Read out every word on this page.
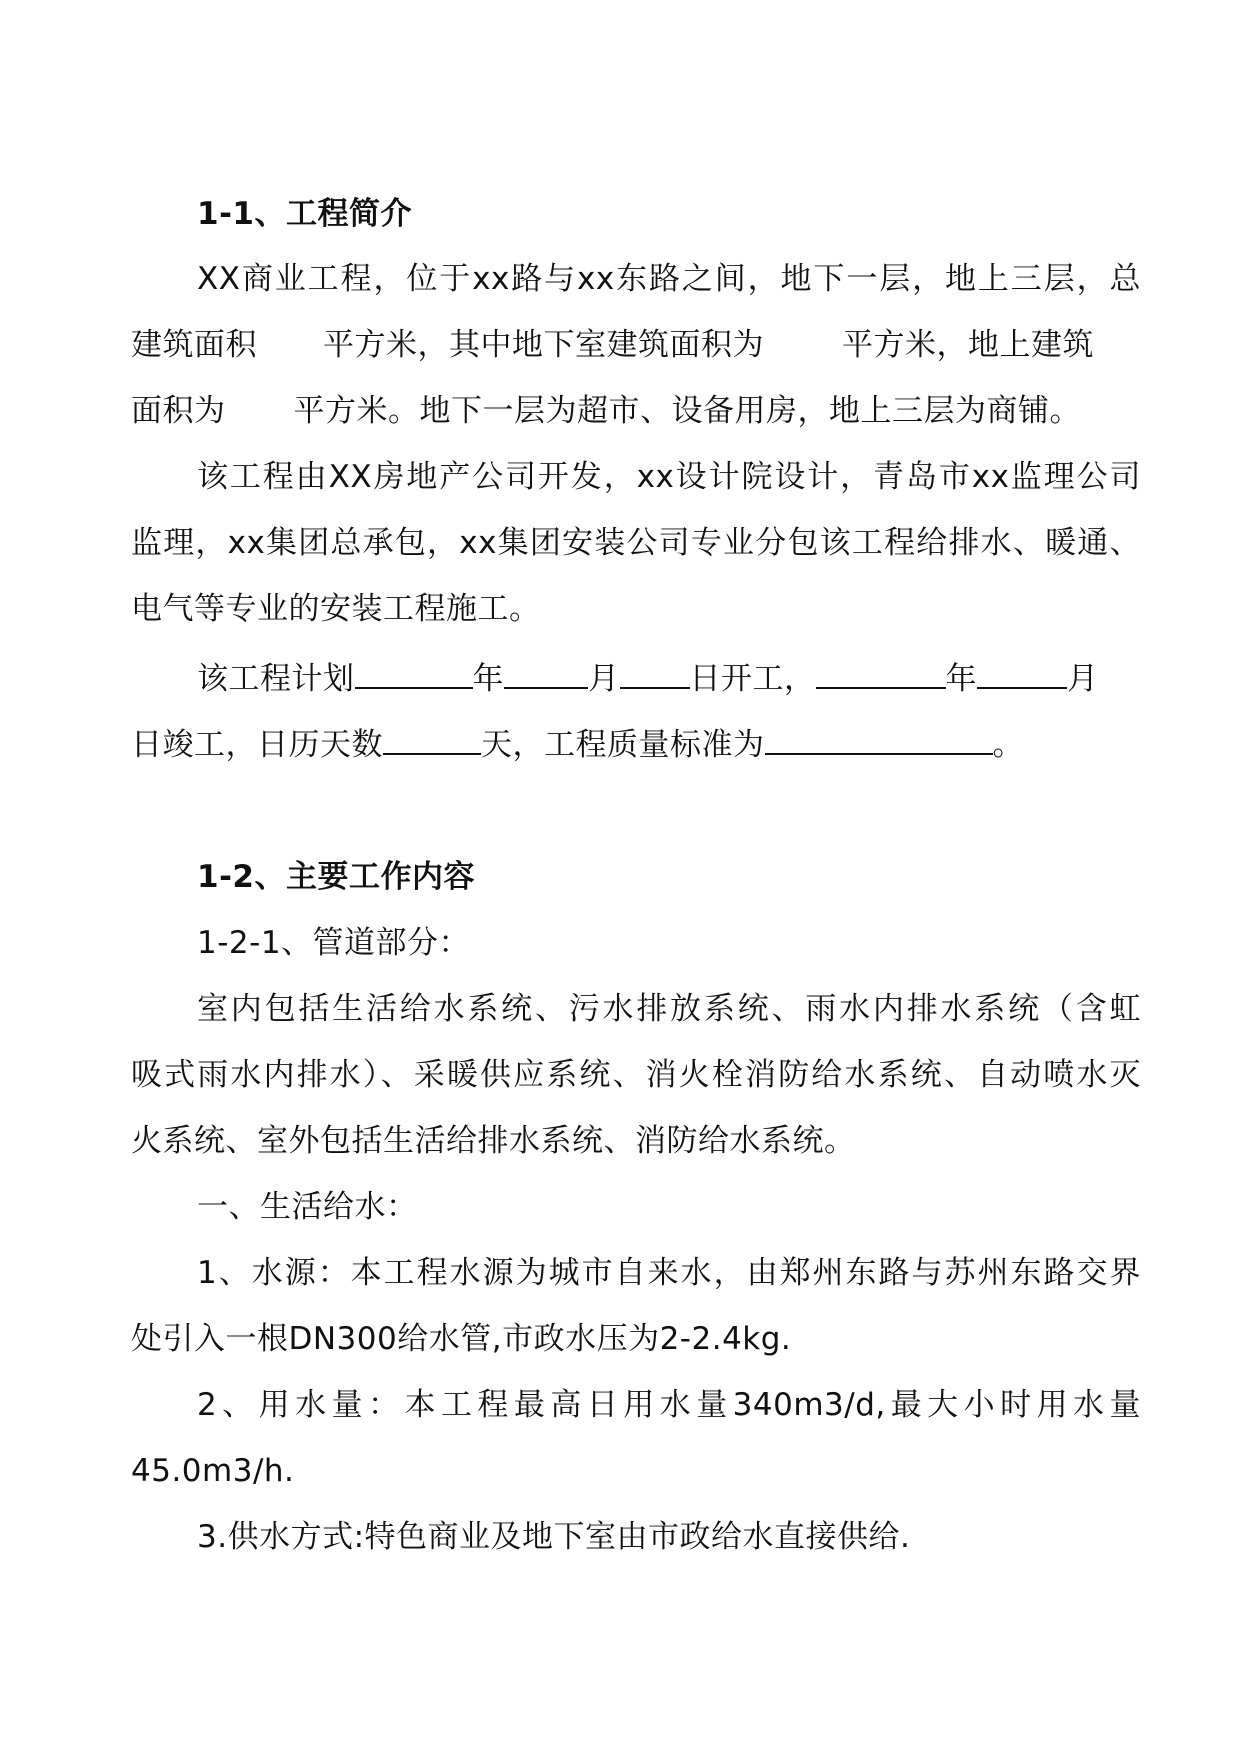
1-1、工程简介
XX商业工程，位于xx路与xx东路之间，地下一层，地上三层，总
建筑面积 平方米，其中地下室建筑面积为	平方米，地上建筑
面积为 平方米。地下一层为超市、设备用房，地上三层为商铺。
该工程由XX房地产公司开发，xx设计院设计，青岛市xx监理公司
监理，xx集团总承包，xx集团安装公司专业分包该工程给排水、暖通、
电气等专业的安装工程施工。
该工程计划	年	月 日开工，	年	月
日竣工，日历天数	天，工程质量标准为	。
1-2、主要工作内容
1-2-1、管道部分：
室内包括生活给水系统、污水排放系统、雨水内排水系统（含虹
吸式雨水内排水）、采暖供应系统、消火栓消防给水系统、自动喷水灭
火系统、室外包括生活给排水系统、消防给水系统。
一、生活给水：
1、水源：本工程水源为城市自来水，由郑州东路与苏州东路交界
处引入一根DN300给水管,市政水压为2-2.4kg.
2、用水量：本工程最高日用水量340m3/d,最大小时用水量
45.0m3/h.
3.供水方式:特色商业及地下室由市政给水直接供给.
